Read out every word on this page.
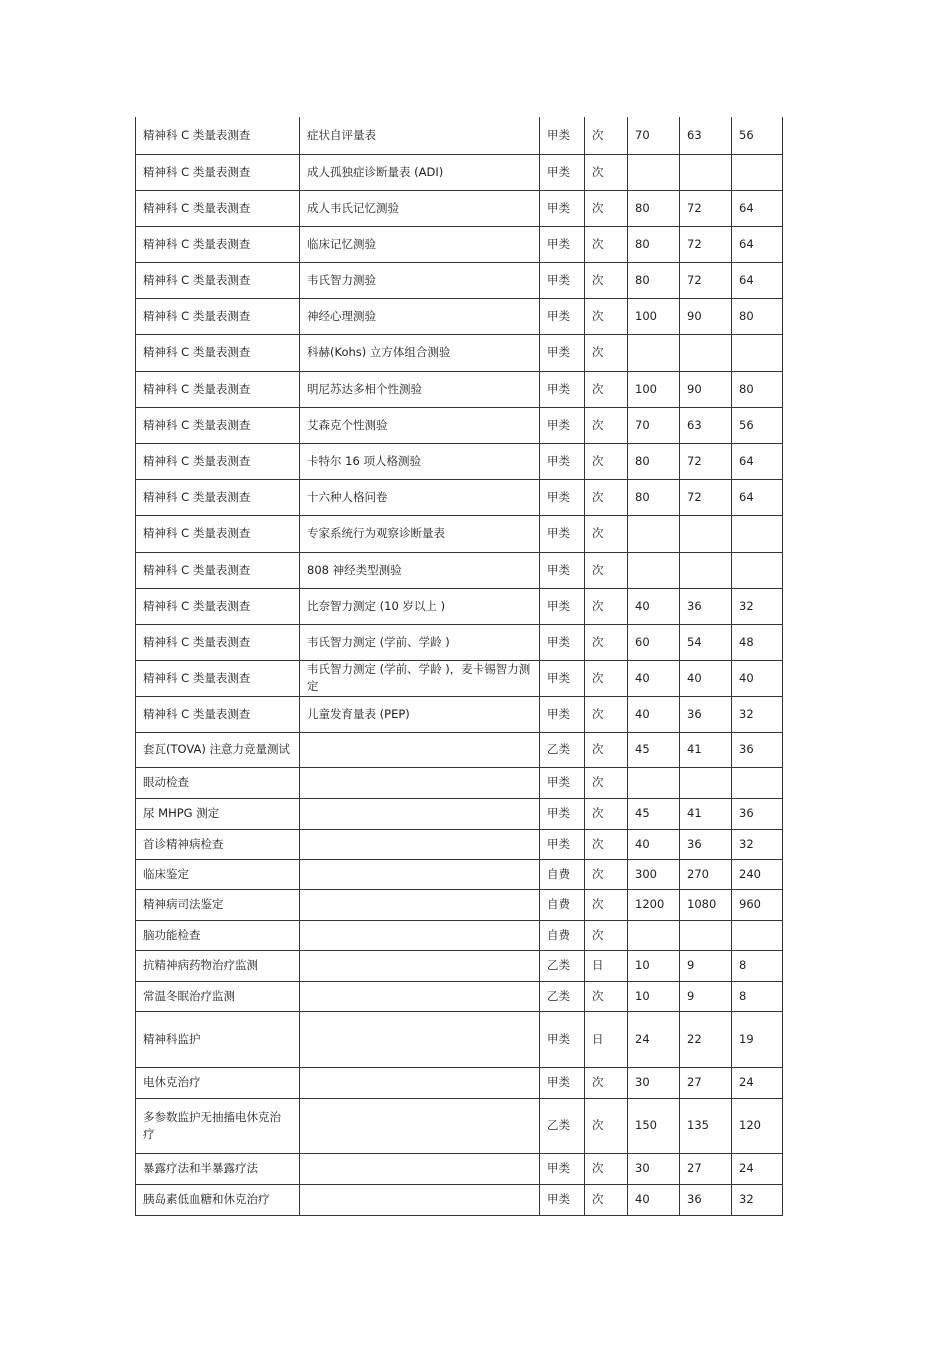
精神科 C 类量表测查	症状自评量表	甲类	次	70	63	56
精神科 C 类量表测查	成人孤独症诊断量表 (ADI)	甲类	次			
精神科 C 类量表测查	成人韦氏记忆测验	甲类	次	80	72	64
精神科 C 类量表测查	临床记忆测验	甲类	次	80	72	64
精神科 C 类量表测查	韦氏智力测验	甲类	次	80	72	64
精神科 C 类量表测查	神经心理测验	甲类	次	100	90	80
精神科 C 类量表测查	科赫(Kohs) 立方体组合测验	甲类	次			
精神科 C 类量表测查	明尼苏达多相个性测验	甲类	次	100	90	80
精神科 C 类量表测查	艾森克个性测验	甲类	次	70	63	56
精神科 C 类量表测查	卡特尔 16 项人格测验	甲类	次	80	72	64
精神科 C 类量表测查	十六种人格问卷	甲类	次	80	72	64
精神科 C 类量表测查	专家系统行为观察诊断量表	甲类	次			
精神科 C 类量表测查	808 神经类型测验	甲类	次			
精神科 C 类量表测查	比奈智力测定 (10 岁以上 )	甲类	次	40	36	32
精神科 C 类量表测查	韦氏智力测定 (学前、学龄 )	甲类	次	60	54	48
精神科 C 类量表测查	韦氏智力测定 (学前、学龄 )，麦卡锡智力测定	甲类	次	40	40	40
精神科 C 类量表测查	儿童发育量表 (PEP)	甲类	次	40	36	32
套瓦(TOVA) 注意力竞量测试		乙类	次	45	41	36
眼动检查		甲类	次			
尿 MHPG 测定		甲类	次	45	41	36
首诊精神病检查		甲类	次	40	36	32
临床鉴定		自费	次	300	270	240
精神病司法鉴定		自费	次	1200	1080	960
脑功能检查		自费	次			
抗精神病药物治疗监测		乙类	日	10	9	8
常温冬眠治疗监测		乙类	次	10	9	8
精神科监护		甲类	日	24	22	19
电休克治疗		甲类	次	30	27	24
多参数监护无抽搐电休克治疗		乙类	次	150	135	120
暴露疗法和半暴露疗法		甲类	次	30	27	24
胰岛素低血糖和休克治疗		甲类	次	40	36	32
